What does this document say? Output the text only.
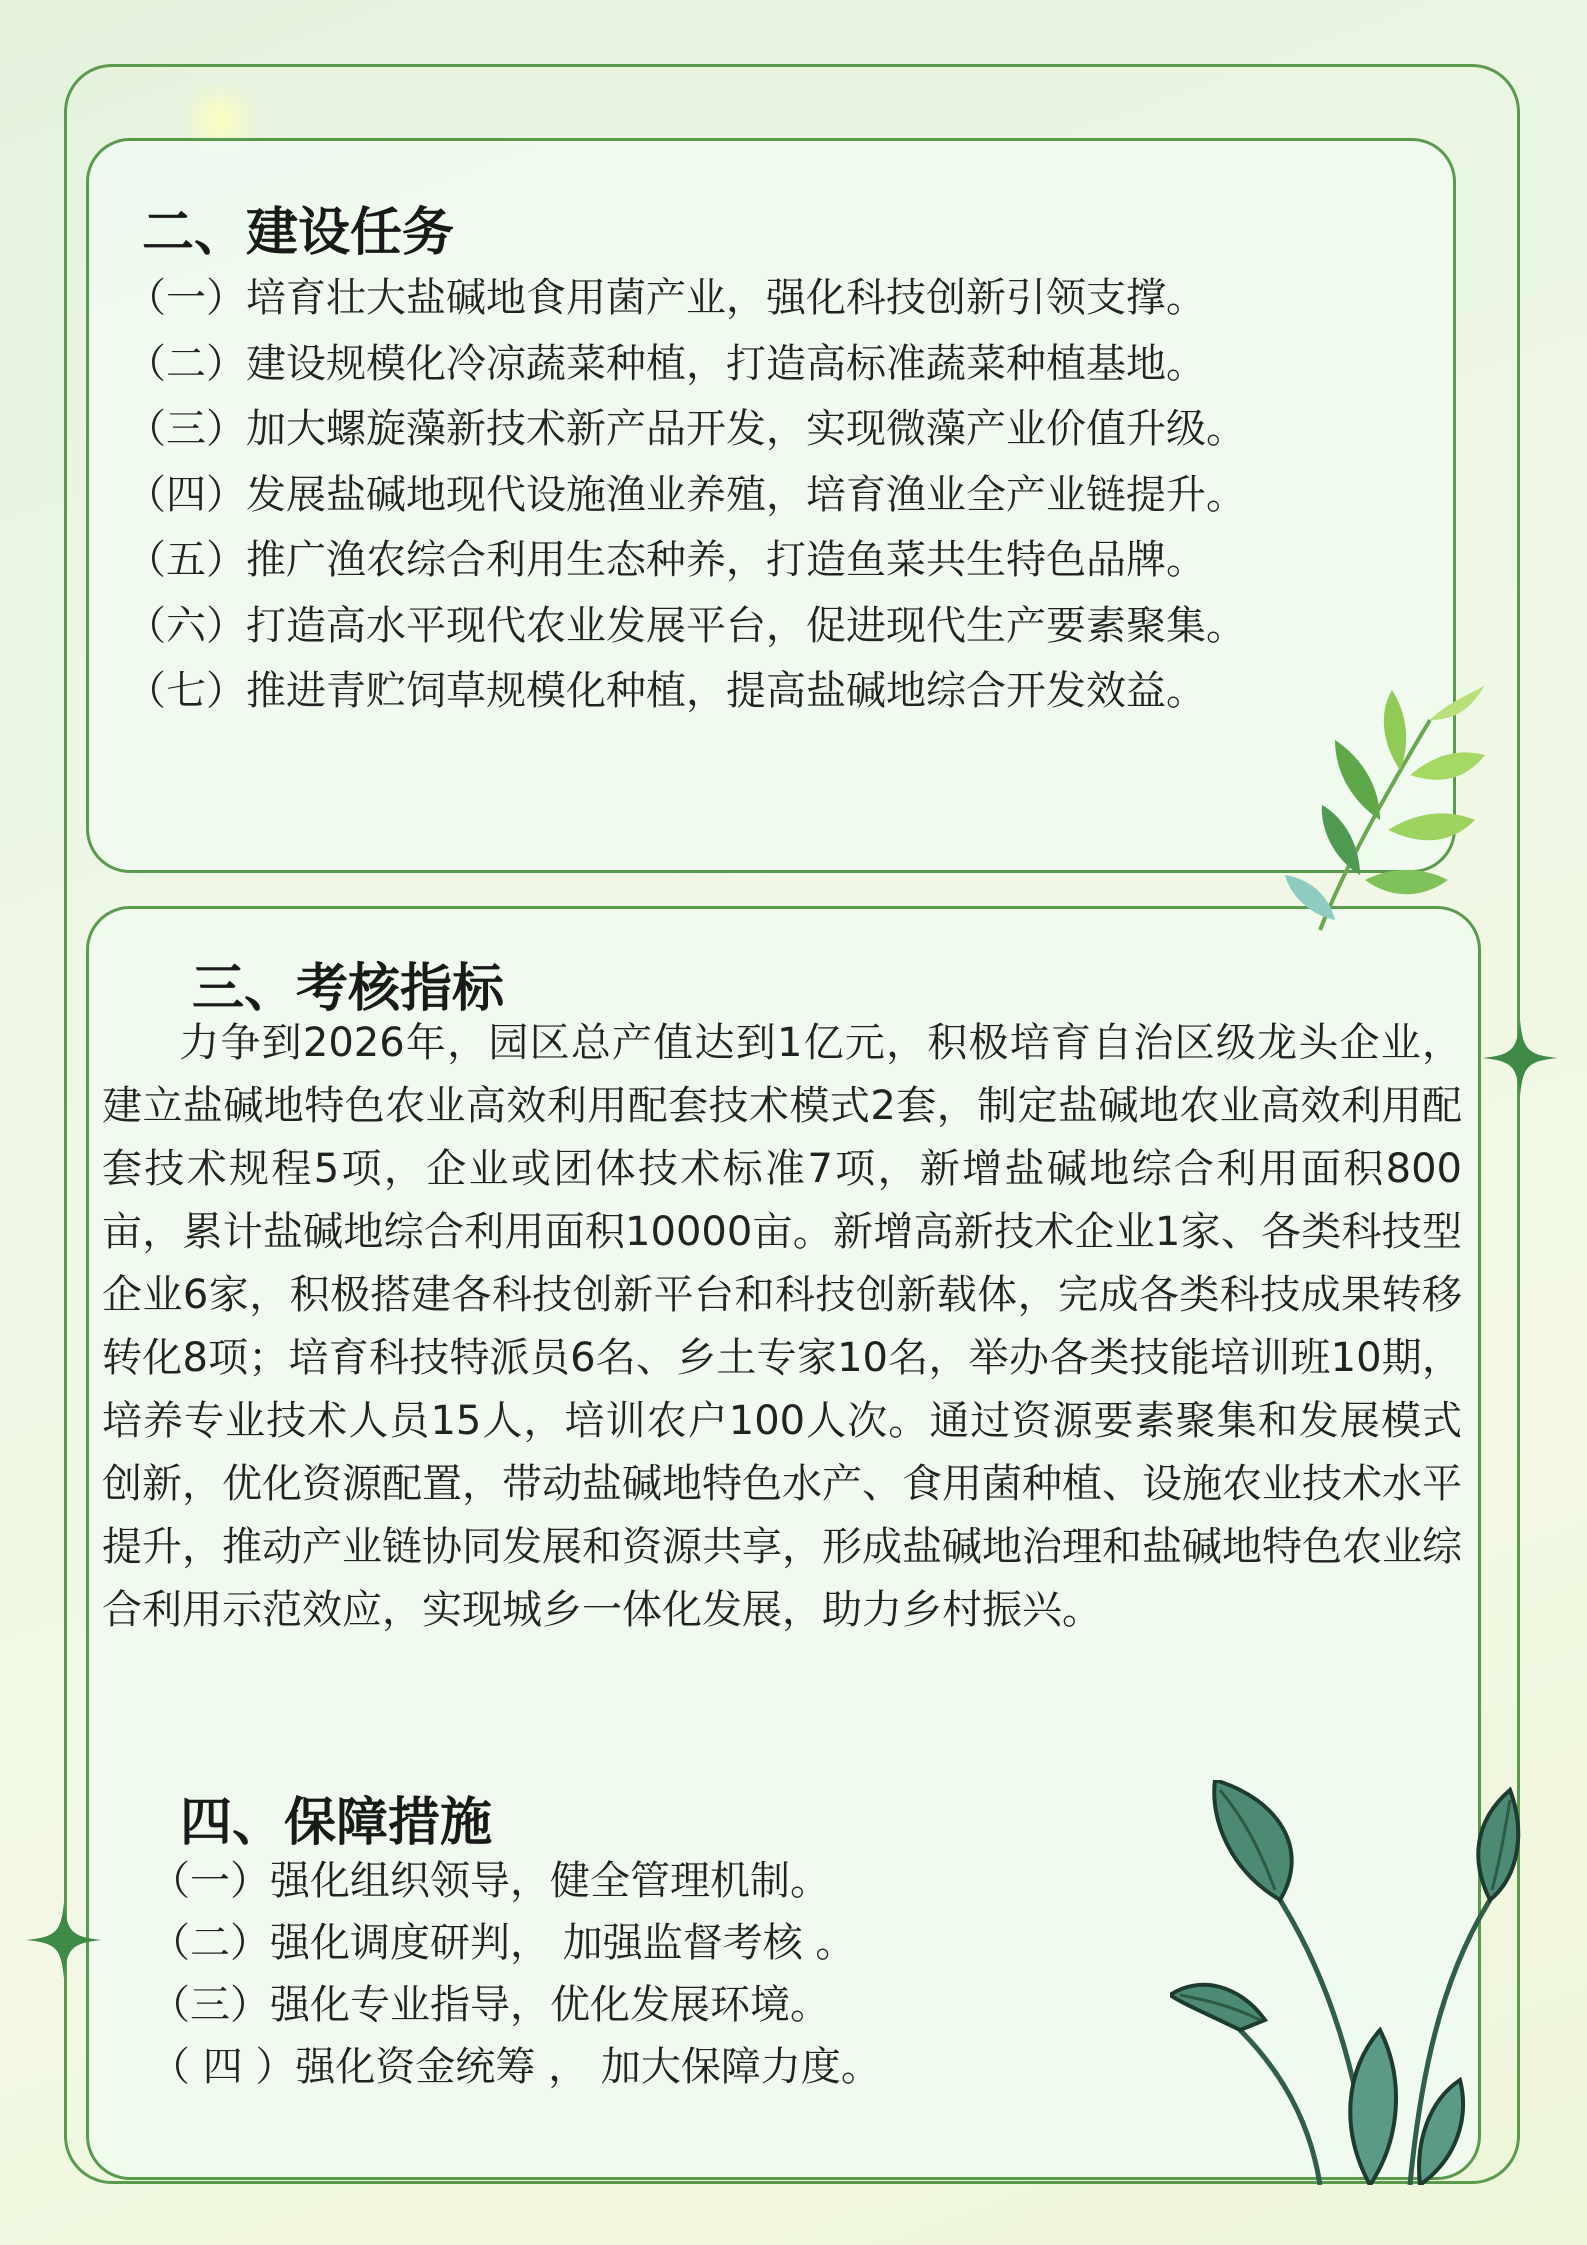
二、建设任务
（一）培育壮大盐碱地食用菌产业，强化科技创新引领支撑。
（二）建设规模化冷凉蔬菜种植，打造高标准蔬菜种植基地。
（三）加大螺旋藻新技术新产品开发，实现微藻产业价值升级。
（四）发展盐碱地现代设施渔业养殖，培育渔业全产业链提升。
（五）推广渔农综合利用生态种养，打造鱼菜共生特色品牌。
（六）打造高水平现代农业发展平台，促进现代生产要素聚集。
（七）推进青贮饲草规模化种植，提高盐碱地综合开发效益。
三、考核指标

力争到2026年，园区总产值达到1亿元，积极培育自治区级龙头企业，建立盐碱地特色农业高效利用配套技术模式2套，制定盐碱地农业高效利用配套技术规程5项，企业或团体技术标准7项，新增盐碱地综合利用面积800亩，累计盐碱地综合利用面积10000亩。新增高新技术企业1家、各类科技型企业6家，积极搭建各科技创新平台和科技创新载体，完成各类科技成果转移转化8项；培育科技特派员6名、乡土专家10名，举办各类技能培训班10期，培养专业技术人员15人，培训农户100人次。通过资源要素聚集和发展模式创新，优化资源配置，带动盐碱地特色水产、食用菌种植、设施农业技术水平提升，推动产业链协同发展和资源共享，形成盐碱地治理和盐碱地特色农业综合利用示范效应，实现城乡一体化发展，助力乡村振兴。

四、保障措施
（一）强化组织领导，健全管理机制。
（二）强化调度研判， 加强监督考核 。
（三）强化专业指导，优化发展环境。
（ 四 ）强化资金统筹 ， 加大保障力度。
